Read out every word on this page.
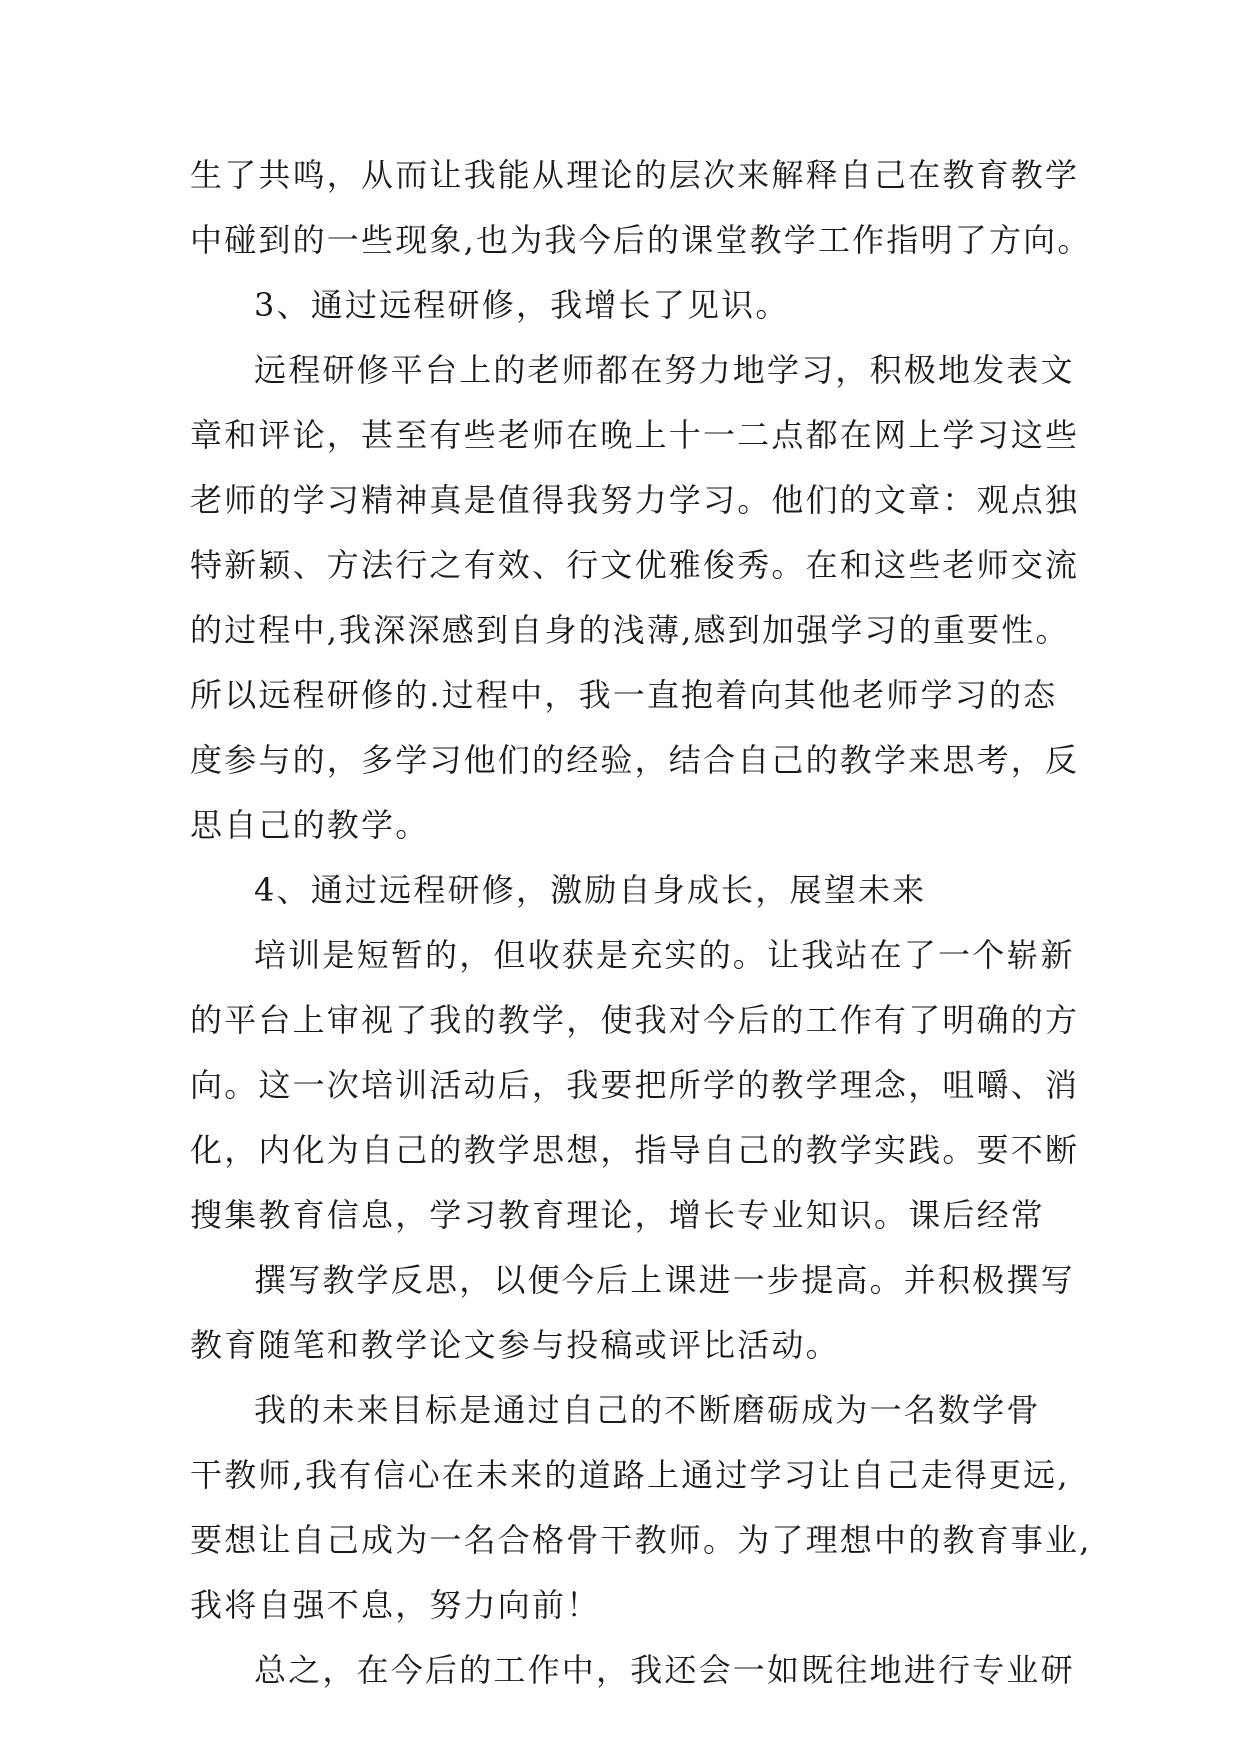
生了共鸣，从而让我能从理论的层次来解释自己在教育教学
中碰到的一些现象,也为我今后的课堂教学工作指明了方向。
3、通过远程研修，我增长了见识。
远程研修平台上的老师都在努力地学习，积极地发表文
章和评论，甚至有些老师在晚上十一二点都在网上学习这些
老师的学习精神真是值得我努力学习。他们的文章：观点独
特新颖、方法行之有效、行文优雅俊秀。在和这些老师交流
的过程中,我深深感到自身的浅薄,感到加强学习的重要性。
所以远程研修的.过程中，我一直抱着向其他老师学习的态
度参与的，多学习他们的经验，结合自己的教学来思考，反
思自己的教学。
4、通过远程研修，激励自身成长，展望未来
培训是短暂的，但收获是充实的。让我站在了一个崭新
的平台上审视了我的教学，使我对今后的工作有了明确的方
向。这一次培训活动后，我要把所学的教学理念，咀嚼、消
化，内化为自己的教学思想，指导自己的教学实践。要不断
搜集教育信息，学习教育理论，增长专业知识。课后经常
撰写教学反思，以便今后上课进一步提高。并积极撰写
教育随笔和教学论文参与投稿或评比活动。
我的未来目标是通过自己的不断磨砺成为一名数学骨
干教师,我有信心在未来的道路上通过学习让自己走得更远,
要想让自己成为一名合格骨干教师。为了理想中的教育事业,
我将自强不息，努力向前！
总之，在今后的工作中，我还会一如既往地进行专业研
